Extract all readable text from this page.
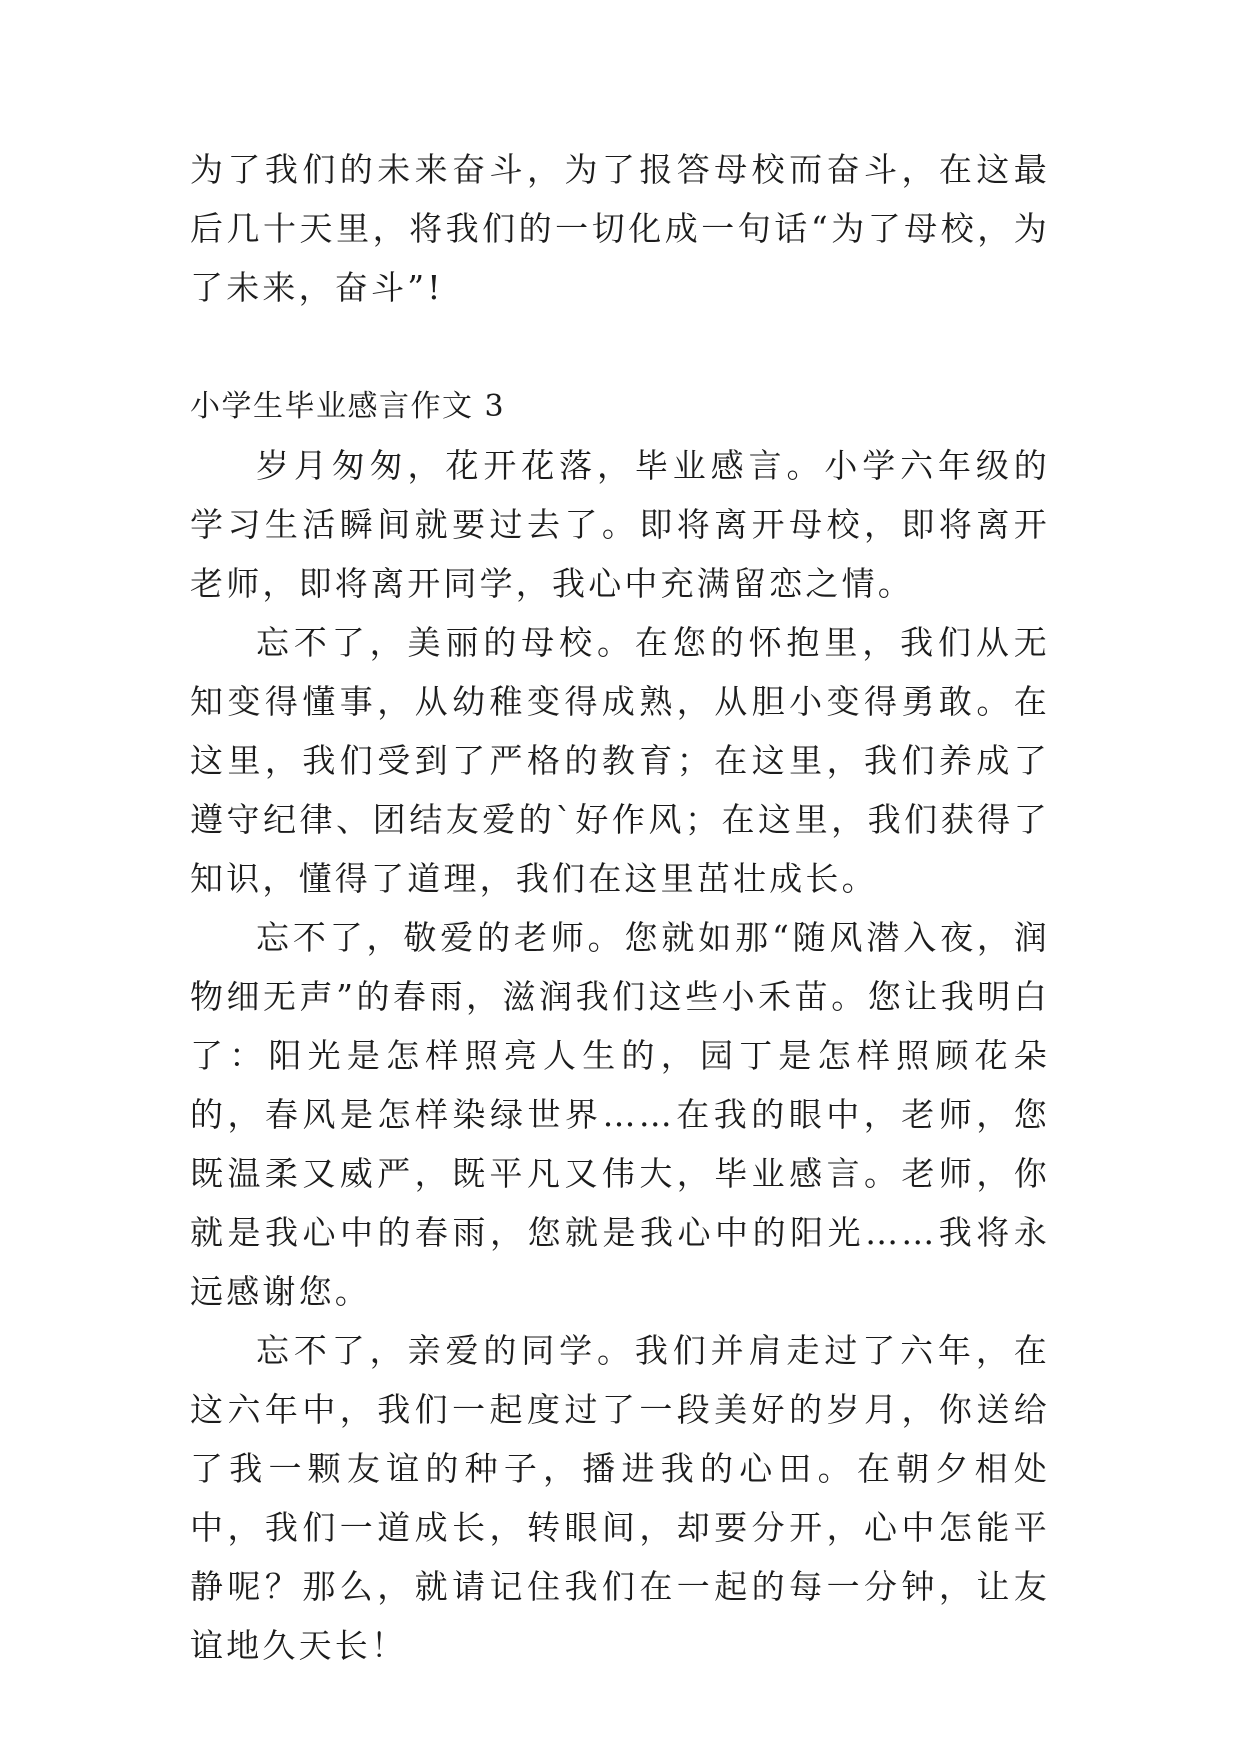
为了我们的未来奋斗，为了报答母校而奋斗，在这最后几十天里，将我们的一切化成一句话“为了母校，为了未来，奋斗”!

小学生毕业感言作文 3

岁月匆匆，花开花落，毕业感言。小学六年级的学习生活瞬间就要过去了。即将离开母校，即将离开老师，即将离开同学，我心中充满留恋之情。

忘不了，美丽的母校。在您的怀抱里，我们从无知变得懂事，从幼稚变得成熟，从胆小变得勇敢。在这里，我们受到了严格的教育；在这里，我们养成了遵守纪律、团结友爱的`好作风；在这里，我们获得了知识，懂得了道理，我们在这里茁壮成长。

忘不了，敬爱的老师。您就如那“随风潜入夜，润物细无声”的春雨，滋润我们这些小禾苗。您让我明白了：阳光是怎样照亮人生的，园丁是怎样照顾花朵的，春风是怎样染绿世界……在我的眼中，老师，您既温柔又威严，既平凡又伟大，毕业感言。老师，你就是我心中的春雨，您就是我心中的阳光……我将永远感谢您。

忘不了，亲爱的同学。我们并肩走过了六年，在这六年中，我们一起度过了一段美好的岁月，你送给了我一颗友谊的种子，播进我的心田。在朝夕相处中，我们一道成长，转眼间，却要分开，心中怎能平静呢？那么，就请记住我们在一起的每一分钟，让友谊地久天长！
